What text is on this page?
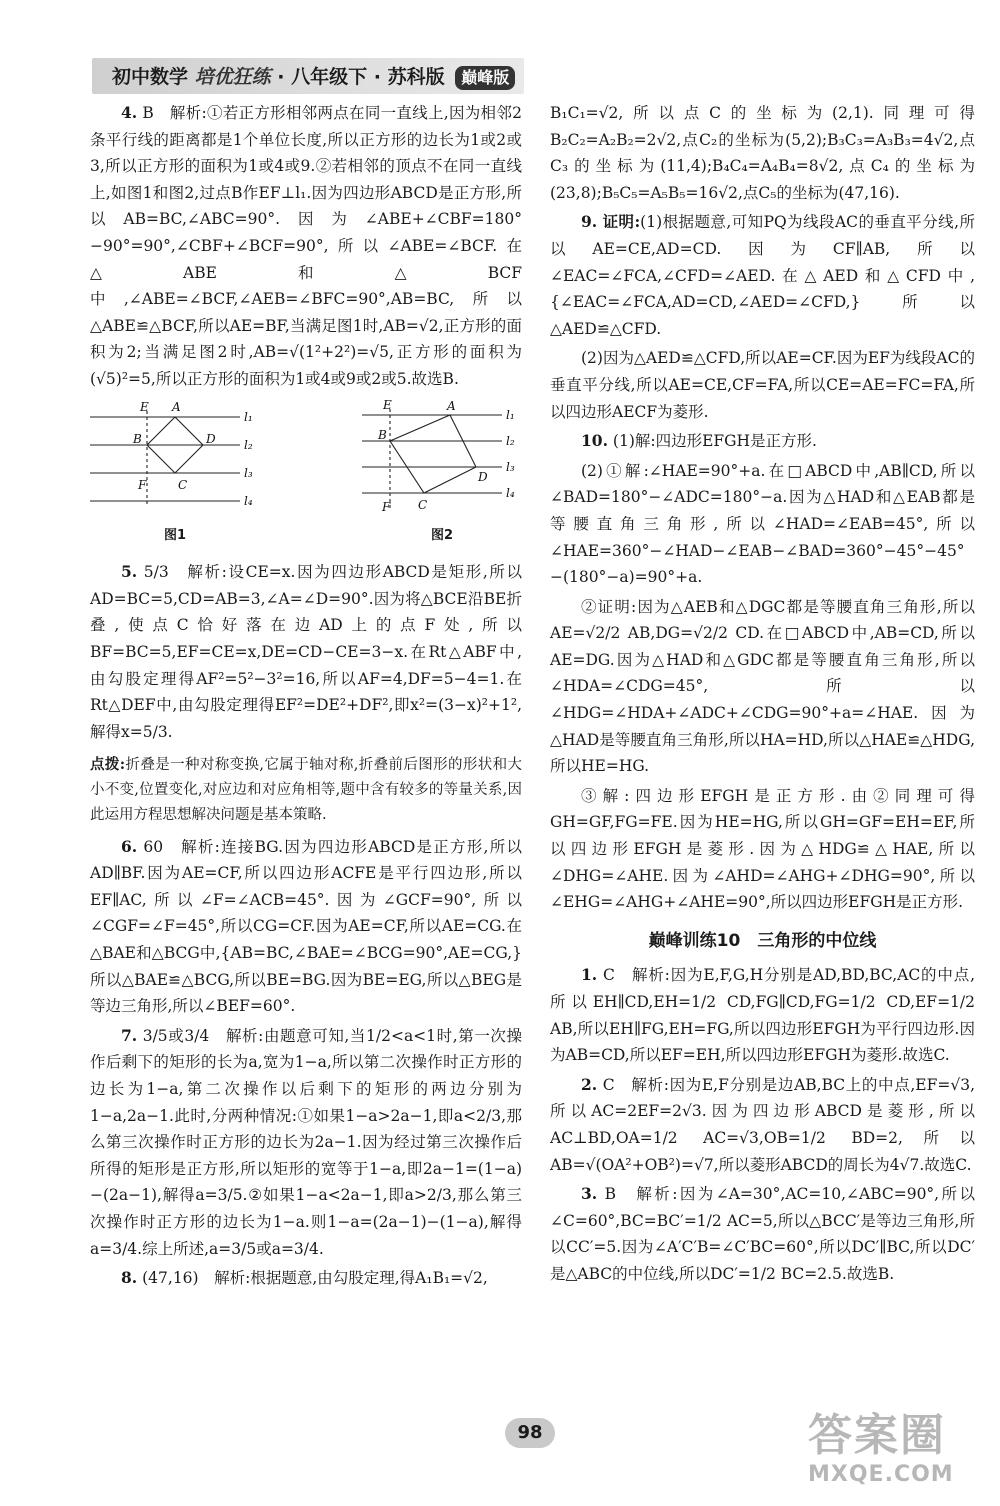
初中数学 培优狂练 · 八年级下 · 苏科版 巅峰版

4. B　解析:①若正方形相邻两点在同一直线上,因为相邻2条平行线的距离都是1个单位长度,所以正方形的边长为1或2或3,所以正方形的面积为1或4或9.②若相邻的顶点不在同一直线上,如图1和图2,过点B作EF⊥l₁.因为四边形ABCD是正方形,所以AB=BC,∠ABC=90°.因为∠ABE+∠CBF=180°−90°=90°,∠CBF+∠BCF=90°,所以∠ABE=∠BCF.在△ABE和△BCF中,∠ABE=∠BCF,∠AEB=∠BFC=90°,AB=BC,所以△ABE≌△BCF,所以AE=BF,当满足图1时,AB=√2,正方形的面积为2;当满足图2时,AB=√(1²+2²)=√5,正方形的面积为(√5)²=5,所以正方形的面积为1或4或9或2或5.故选B.

E A
B	D
F	C
l₁
l₂
l₃
l₄
图1
E	A
B
D
F C
l₁
l₂
l₃
l₄
图2

5. 5/3　解析:设CE=x.因为四边形ABCD是矩形,所以AD=BC=5,CD=AB=3,∠A=∠D=90°.因为将△BCE沿BE折叠,使点C恰好落在边AD上的点F处,所以BF=BC=5,EF=CE=x,DE=CD−CE=3−x.在Rt△ABF中,由勾股定理得AF²=5²−3²=16,所以AF=4,DF=5−4=1.在Rt△DEF中,由勾股定理得EF²=DE²+DF²,即x²=(3−x)²+1²,解得x=5/3.

点拨:折叠是一种对称变换,它属于轴对称,折叠前后图形的形状和大小不变,位置变化,对应边和对应角相等,题中含有较多的等量关系,因此运用方程思想解决问题是基本策略.

6. 60　解析:连接BG.因为四边形ABCD是正方形,所以AD∥BF.因为AE=CF,所以四边形ACFE是平行四边形,所以EF∥AC,所以∠F=∠ACB=45°.因为∠GCF=90°,所以∠CGF=∠F=45°,所以CG=CF.因为AE=CF,所以AE=CG.在△BAE和△BCG中,{AB=BC,∠BAE=∠BCG=90°,AE=CG,}所以△BAE≌△BCG,所以BE=BG.因为BE=EG,所以△BEG是等边三角形,所以∠BEF=60°.

7. 3/5或3/4　解析:由题意可知,当1/2<a<1时,第一次操作后剩下的矩形的长为a,宽为1−a,所以第二次操作时正方形的边长为1−a,第二次操作以后剩下的矩形的两边分别为1−a,2a−1.此时,分两种情况:①如果1−a>2a−1,即a<2/3,那么第三次操作时正方形的边长为2a−1.因为经过第三次操作后所得的矩形是正方形,所以矩形的宽等于1−a,即2a−1=(1−a)−(2a−1),解得a=3/5.②如果1−a<2a−1,即a>2/3,那么第三次操作时正方形的边长为1−a.则1−a=(2a−1)−(1−a),解得a=3/4.综上所述,a=3/5或a=3/4.

8. (47,16)　解析:根据题意,由勾股定理,得A₁B₁=√2,

B₁C₁=√2,所以点C的坐标为(2,1).同理可得B₂C₂=A₂B₂=2√2,点C₂的坐标为(5,2);B₃C₃=A₃B₃=4√2,点C₃的坐标为(11,4);B₄C₄=A₄B₄=8√2,点C₄的坐标为(23,8);B₅C₅=A₅B₅=16√2,点C₅的坐标为(47,16).

9. 证明:(1)根据题意,可知PQ为线段AC的垂直平分线,所以AE=CE,AD=CD.因为CF∥AB,所以∠EAC=∠FCA,∠CFD=∠AED.在△AED和△CFD中,{∠EAC=∠FCA,AD=CD,∠AED=∠CFD,}所以△AED≌△CFD.

(2)因为△AED≌△CFD,所以AE=CF.因为EF为线段AC的垂直平分线,所以AE=CE,CF=FA,所以CE=AE=FC=FA,所以四边形AECF为菱形.

10. (1)解:四边形EFGH是正方形.

(2)①解:∠HAE=90°+a.在□ABCD中,AB∥CD,所以∠BAD=180°−∠ADC=180°−a.因为△HAD和△EAB都是等腰直角三角形,所以∠HAD=∠EAB=45°,所以∠HAE=360°−∠HAD−∠EAB−∠BAD=360°−45°−45°−(180°−a)=90°+a.

②证明:因为△AEB和△DGC都是等腰直角三角形,所以AE=√2/2 AB,DG=√2/2 CD.在□ABCD中,AB=CD,所以AE=DG.因为△HAD和△GDC都是等腰直角三角形,所以∠HDA=∠CDG=45°,所以∠HDG=∠HDA+∠ADC+∠CDG=90°+a=∠HAE.因为△HAD是等腰直角三角形,所以HA=HD,所以△HAE≌△HDG,所以HE=HG.

③解:四边形EFGH是正方形.由②同理可得GH=GF,FG=FE.因为HE=HG,所以GH=GF=EH=EF,所以四边形EFGH是菱形.因为△HDG≌△HAE,所以∠DHG=∠AHE.因为∠AHD=∠AHG+∠DHG=90°,所以∠EHG=∠AHG+∠AHE=90°,所以四边形EFGH是正方形.

巅峰训练10　三角形的中位线

1. C　解析:因为E,F,G,H分别是AD,BD,BC,AC的中点,所以EH∥CD,EH=1/2 CD,FG∥CD,FG=1/2 CD,EF=1/2 AB,所以EH∥FG,EH=FG,所以四边形EFGH为平行四边形.因为AB=CD,所以EF=EH,所以四边形EFGH为菱形.故选C.

2. C　解析:因为E,F分别是边AB,BC上的中点,EF=√3,所以AC=2EF=2√3.因为四边形ABCD是菱形,所以AC⊥BD,OA=1/2 AC=√3,OB=1/2 BD=2,所以AB=√(OA²+OB²)=√7,所以菱形ABCD的周长为4√7.故选C.

3. B　解析:因为∠A=30°,AC=10,∠ABC=90°,所以∠C=60°,BC=BC′=1/2 AC=5,所以△BCC′是等边三角形,所以CC′=5.因为∠A′C′B=∠C′BC=60°,所以DC′∥BC,所以DC′是△ABC的中位线,所以DC′=1/2 BC=2.5.故选B.

98	答案圈
MXQE.COM
